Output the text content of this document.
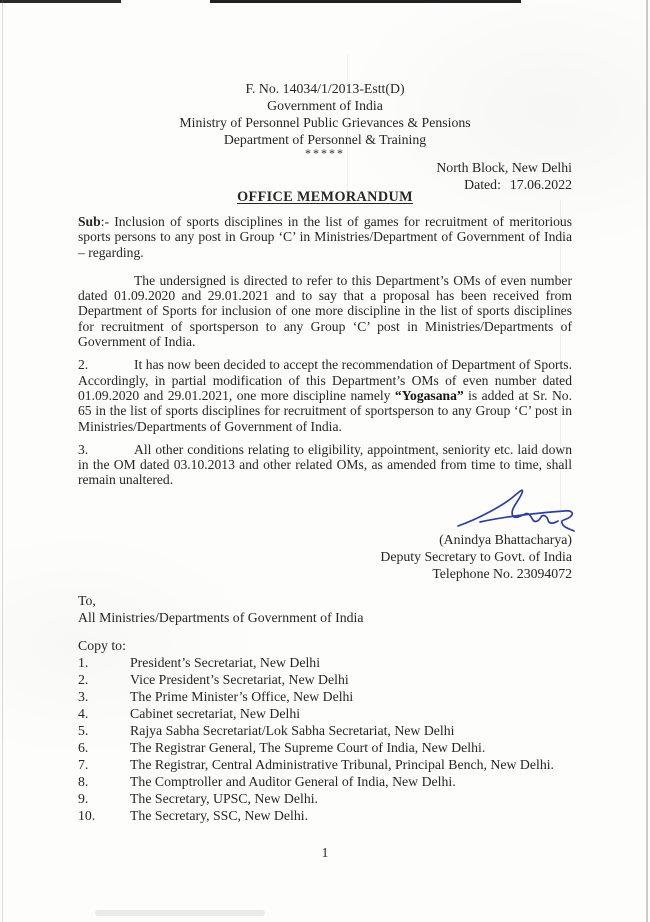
F. No. 14034/1/2013-Estt(D)
Government of India
Ministry of Personnel Public Grievances & Pensions
Department of Personnel & Training
*****
North Block, New Delhi
Dated: 17.06.2022
OFFICE MEMORANDUM

Sub:- Inclusion of sports disciplines in the list of games for recruitment of meritorious sports persons to any post in Group ‘C’ in Ministries/Department of Government of India – regarding.

The undersigned is directed to refer to this Department’s OMs of even number dated 01.09.2020 and 29.01.2021 and to say that a proposal has been received from Department of Sports for inclusion of one more discipline in the list of sports disciplines for recruitment of sportsperson to any Group ‘C’ post in Ministries/Departments of Government of India.

2.	It has now been decided to accept the recommendation of Department of Sports. Accordingly, in partial modification of this Department’s OMs of even number dated 01.09.2020 and 29.01.2021, one more discipline namely “Yogasana” is added at Sr. No. 65 in the list of sports disciplines for recruitment of sportsperson to any Group ‘C’ post in Ministries/Departments of Government of India.

3.	All other conditions relating to eligibility, appointment, seniority etc. laid down in the OM dated 03.10.2013 and other related OMs, as amended from time to time, shall remain unaltered.

(Anindya Bhattacharya)
Deputy Secretary to Govt. of India
Telephone No. 23094072
To,
All Ministries/Departments of Government of India
Copy to:
1.	President’s Secretariat, New Delhi
2.	Vice President’s Secretariat, New Delhi
3.	The Prime Minister’s Office, New Delhi
4.	Cabinet secretariat, New Delhi
5.	Rajya Sabha Secretariat/Lok Sabha Secretariat, New Delhi
6.	The Registrar General, The Supreme Court of India, New Delhi.
7.	The Registrar, Central Administrative Tribunal, Principal Bench, New Delhi.
8.	The Comptroller and Auditor General of India, New Delhi.
9.	The Secretary, UPSC, New Delhi.
10.	The Secretary, SSC, New Delhi.
1
